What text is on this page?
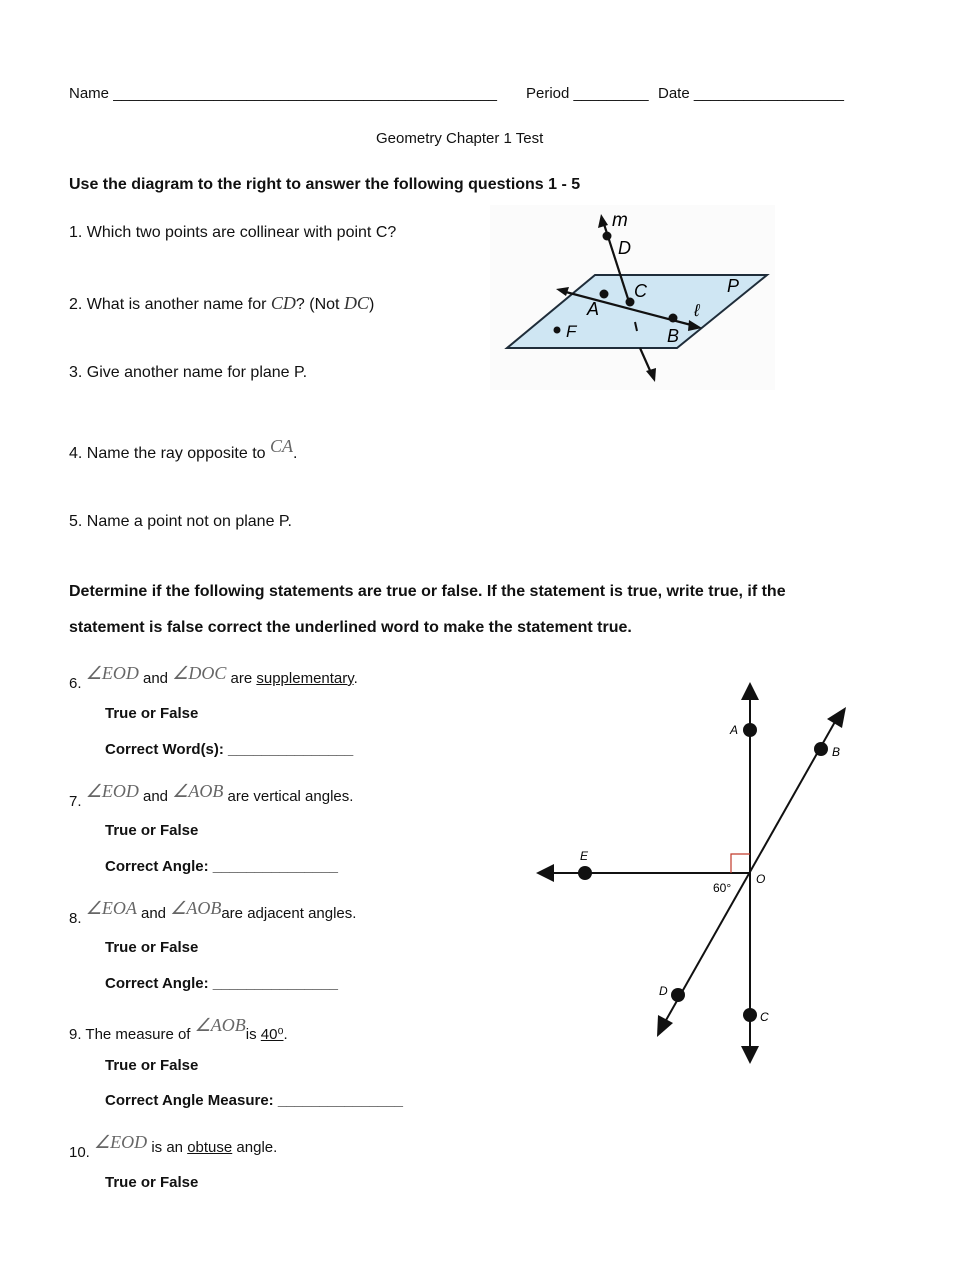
Name ______________________________________________ Period _________ Date __________________
Geometry Chapter 1 Test
Use the diagram to the right to answer the following questions 1 - 5
1. Which two points are collinear with point C?
2. What is another name for CD? (Not DC)
3. Give another name for plane P.
4. Name the ray opposite to CA.
5. Name a point not on plane P.
m
D
C	P
A	ℓ
F	B
Determine if the following statements are true or false. If the statement is true, write true, if the
statement is false correct the underlined word to make the statement true.
6. ∠EOD and ∠DOC are supplementary.
True or False
Correct Word(s): _______________
7. ∠EOD and ∠AOB are vertical angles.
True or False
Correct Angle: _______________
8. ∠EOA and ∠AOBare adjacent angles.
True or False
Correct Angle: _______________
9. The measure of ∠AOBis 40⁰.
True or False
Correct Angle Measure: _______________
10. ∠EOD is an obtuse angle.
True or False
A
B
E
O
60°
D
C
